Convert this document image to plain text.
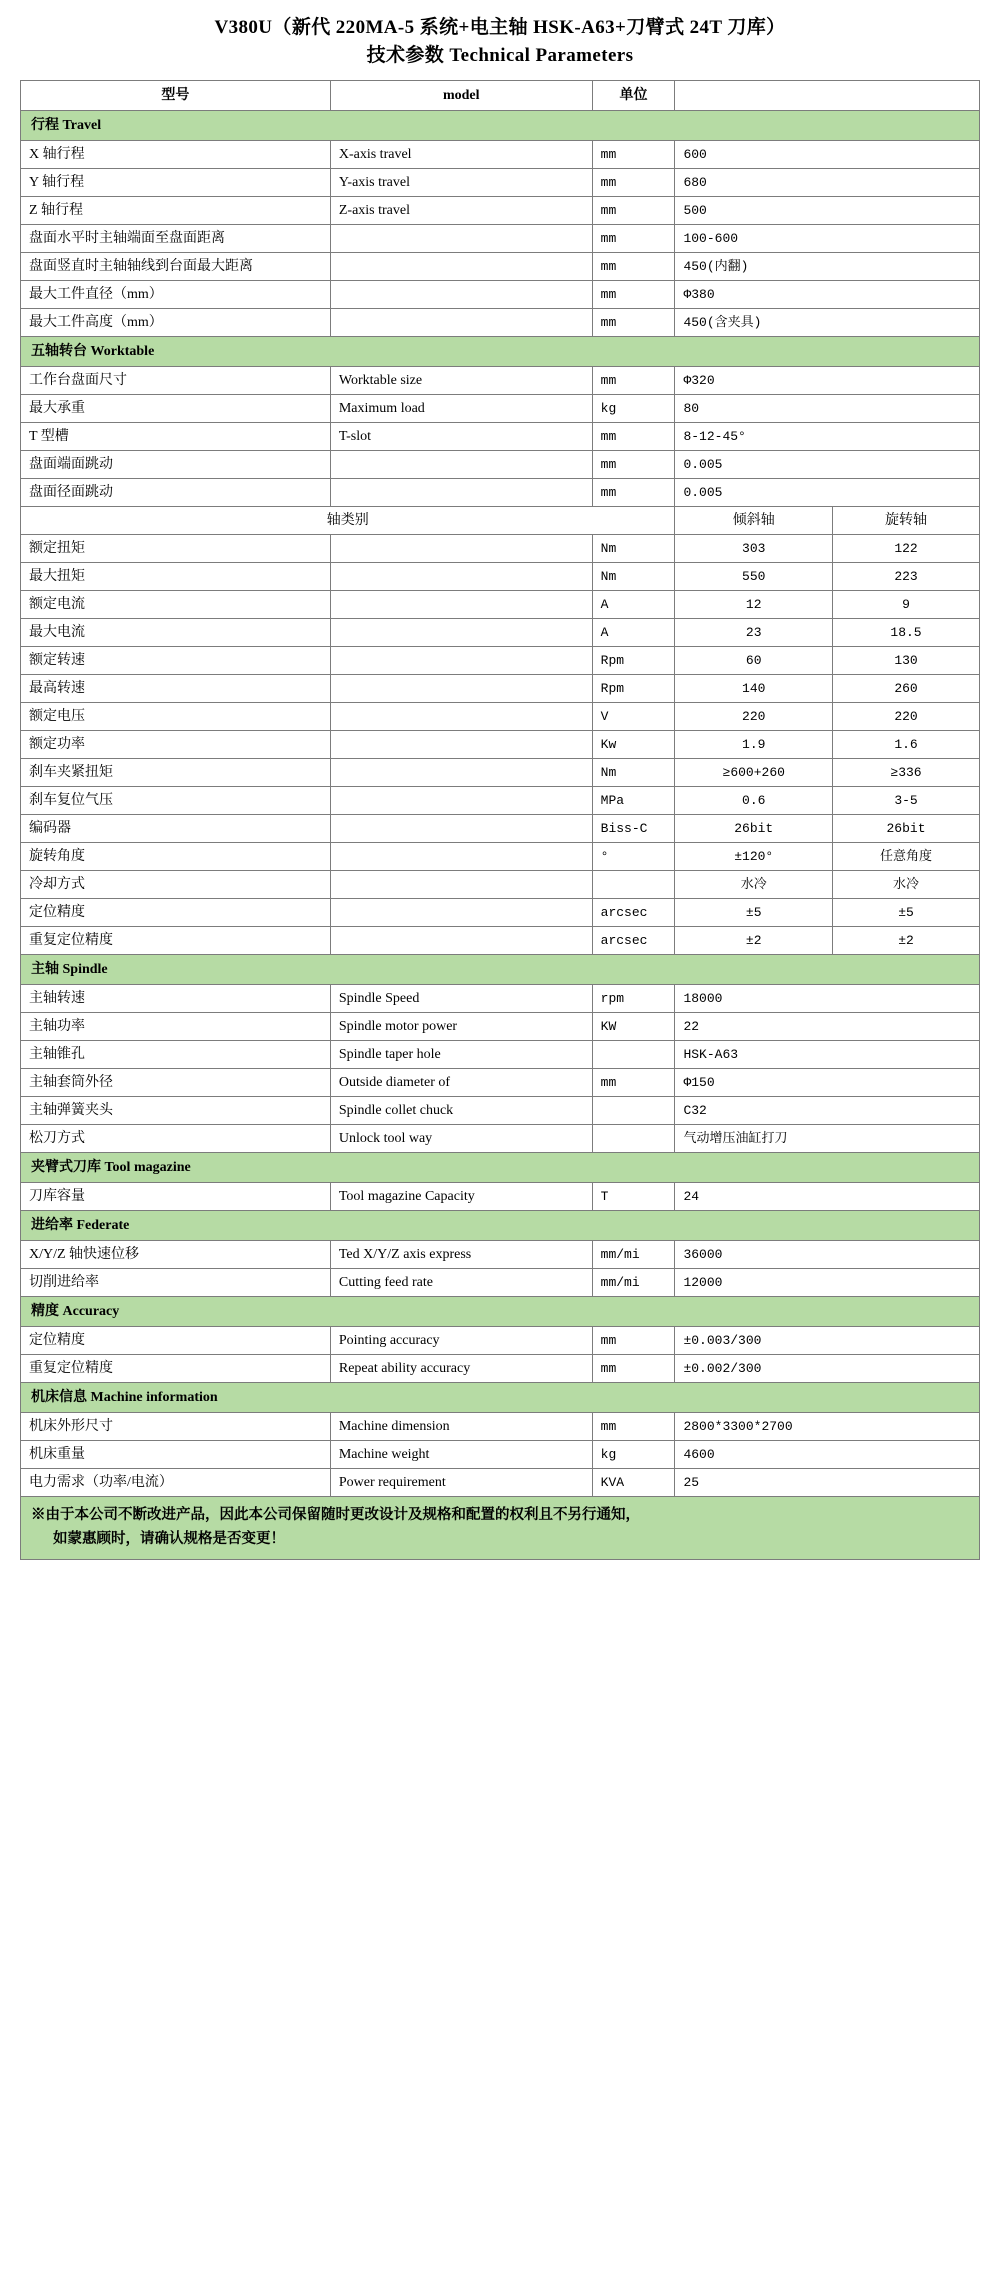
V380U（新代 220MA-5 系统+电主轴 HSK-A63+刀臂式 24T 刀库）
技术参数 Technical Parameters
型号	model	单位		
行程 Travel				
X 轴行程	X-axis travel	mm	600	
Y 轴行程	Y-axis travel	mm	680	
Z 轴行程	Z-axis travel	mm	500	
盘面水平时主轴端面至盘面距离		mm	100-600	
盘面竖直时主轴轴线到台面最大距离		mm	450(内翻)	
最大工件直径（mm）		mm	Φ380	
最大工件高度（mm）		mm	450(含夹具)	
五轴转台 Worktable				
工作台盘面尺寸	Worktable size	mm	Φ320	
最大承重	Maximum load	kg	80	
T 型槽	T-slot	mm	8-12-45°	
盘面端面跳动		mm	0.005	
盘面径面跳动		mm	0.005	
轴类别			倾斜轴	旋转轴
额定扭矩		Nm	303	122
最大扭矩		Nm	550	223
额定电流		A	12	9
最大电流		A	23	18.5
额定转速		Rpm	60	130
最高转速		Rpm	140	260
额定电压		V	220	220
额定功率		Kw	1.9	1.6
刹车夹紧扭矩		Nm	≥600+260	≥336
刹车复位气压		MPa	0.6	3-5
编码器		Biss-C	26bit	26bit
旋转角度		°	±120°	任意角度
冷却方式			水冷	水冷
定位精度		arcsec	±5	±5
重复定位精度		arcsec	±2	±2
主轴 Spindle				
主轴转速	Spindle Speed	rpm	18000	
主轴功率	Spindle motor power	KW	22	
主轴锥孔	Spindle taper hole		HSK-A63	
主轴套筒外径	Outside diameter of	mm	Φ150	
主轴弹簧夹头	Spindle collet chuck		C32	
松刀方式	Unlock tool way		气动增压油缸打刀	
夹臂式刀库 Tool magazine				
刀库容量	Tool magazine Capacity	T	24	
进给率 Federate				
X/Y/Z 轴快速位移	Ted X/Y/Z axis express	mm/mi	36000	
切削进给率	Cutting feed rate	mm/mi	12000	
精度 Accuracy				
定位精度	Pointing accuracy	mm	±0.003/300	
重复定位精度	Repeat ability accuracy	mm	±0.002/300	
机床信息 Machine information				
机床外形尺寸	Machine dimension	mm	2800*3300*2700	
机床重量	Machine weight	kg	4600	
电力需求（功率/电流）	Power requirement	KVA	25	

※由于本公司不断改进产品，因此本公司保留随时更改设计及规格和配置的权利且不另行通知，
如蒙惠顾时，请确认规格是否变更！				
